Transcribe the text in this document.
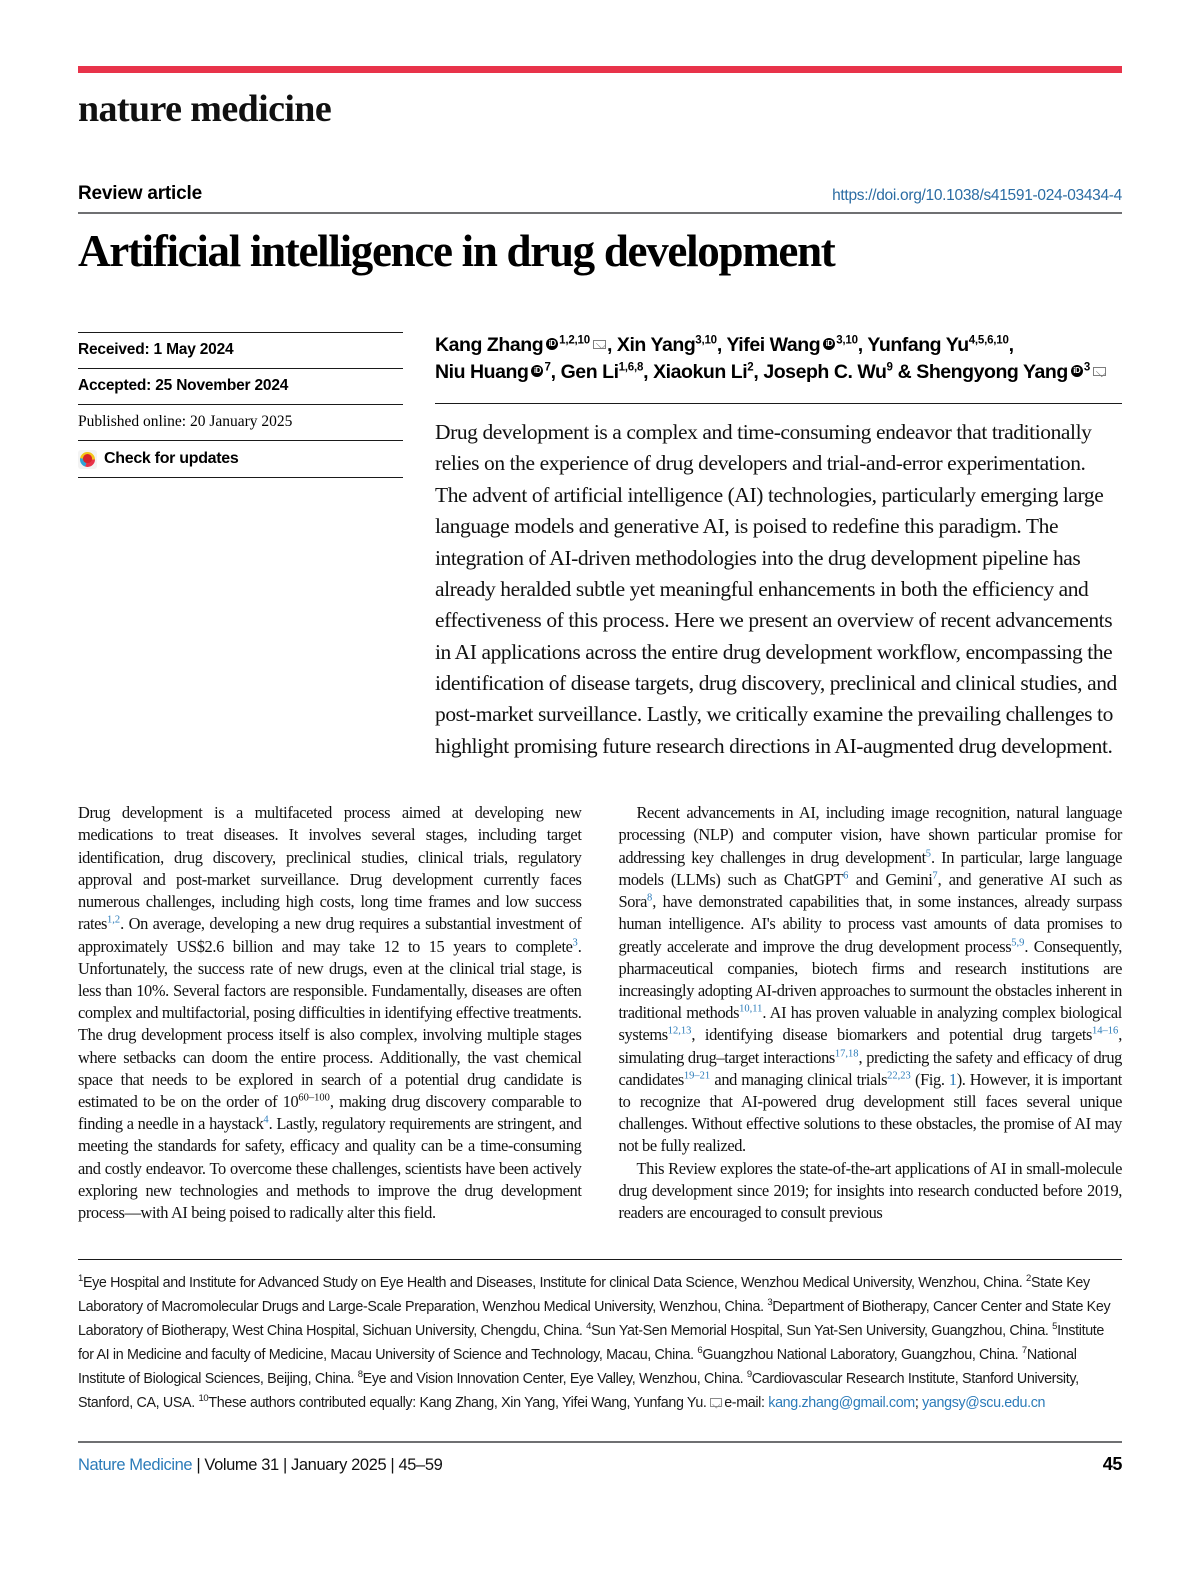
nature medicine
Review article	https://doi.org/10.1038/s41591-024-03434-4
Artificial intelligence in drug development
Received: 1 May 2024
Accepted: 25 November 2024
Published online: 20 January 2025
Check for updates
Kang Zhang iD $^{1,2,10}$ , Xin Yang$^{3,10}$, Yifei Wang iD $^{3,10}$, Yunfang Yu$^{4,5,6,10}$,
Niu Huang iD $^7$, Gen Li$^{1,6,8}$, Xiaokun Li$^2$, Joseph C. Wu$^9$ & Shengyong Yang iD $^3$
Drug development is a complex and time-consuming endeavor that traditionally relies on the experience of drug developers and trial-and-error experimentation. The advent of artificial intelligence (AI) technologies, particularly emerging large language models and generative AI, is poised to redefine this paradigm. The integration of AI-driven methodologies into the drug development pipeline has already heralded subtle yet meaningful enhancements in both the efficiency and effectiveness of this process. Here we present an overview of recent advancements in AI applications across the entire drug development workflow, encompassing the identification of disease targets, drug discovery, preclinical and clinical studies, and post-market surveillance. Lastly, we critically examine the prevailing challenges to highlight promising future research directions in AI-augmented drug development.

Drug development is a multifaceted process aimed at developing new medications to treat diseases. It involves several stages, including target identification, drug discovery, preclinical studies, clinical trials, regulatory approval and post-market surveillance. Drug development currently faces numerous challenges, including high costs, long time frames and low success rates$^{1,2}$. On average, developing a new drug requires a substantial investment of approximately US$2.6 billion and may take 12 to 15 years to complete$^3$. Unfortunately, the success rate of new drugs, even at the clinical trial stage, is less than 10%. Several factors are responsible. Fundamentally, diseases are often complex and multifactorial, posing difficulties in identifying effective treatments. The drug development process itself is also complex, involving multiple stages where setbacks can doom the entire process. Additionally, the vast chemical space that needs to be explored in search of a potential drug candidate is estimated to be on the order of 10$^{60-100}$, making drug discovery comparable to finding a needle in a haystack$^4$. Lastly, regulatory requirements are stringent, and meeting the standards for safety, efficacy and quality can be a time-consuming and costly endeavor. To overcome these challenges, scientists have been actively exploring new technologies and methods to improve the drug development process—with AI being poised to radically alter this field.

Recent advancements in AI, including image recognition, natural language processing (NLP) and computer vision, have shown particular promise for addressing key challenges in drug development$^5$. In particular, large language models (LLMs) such as ChatGPT$^6$ and Gemini$^7$, and generative AI such as Sora$^8$, have demonstrated capabilities that, in some instances, already surpass human intelligence. AI's ability to process vast amounts of data promises to greatly accelerate and improve the drug development process$^{5,9}$. Consequently, pharmaceutical companies, biotech firms and research institutions are increasingly adopting AI-driven approaches to surmount the obstacles inherent in traditional methods$^{10,11}$. AI has proven valuable in analyzing complex biological systems$^{12,13}$, identifying disease biomarkers and potential drug targets$^{14-16}$, simulating drug–target interactions$^{17,18}$, predicting the safety and efficacy of drug candidates$^{19-21}$ and managing clinical trials$^{22,23}$ (Fig. 1). However, it is important to recognize that AI-powered drug development still faces several unique challenges. Without effective solutions to these obstacles, the promise of AI may not be fully realized.

This Review explores the state-of-the-art applications of AI in small-molecule drug development since 2019; for insights into research conducted before 2019, readers are encouraged to consult previous

$^1$Eye Hospital and Institute for Advanced Study on Eye Health and Diseases, Institute for clinical Data Science, Wenzhou Medical University, Wenzhou, China. $^2$State Key Laboratory of Macromolecular Drugs and Large-Scale Preparation, Wenzhou Medical University, Wenzhou, China. $^3$Department of Biotherapy, Cancer Center and State Key Laboratory of Biotherapy, West China Hospital, Sichuan University, Chengdu, China. $^4$Sun Yat-Sen Memorial Hospital, Sun Yat-Sen University, Guangzhou, China. $^5$Institute for AI in Medicine and faculty of Medicine, Macau University of Science and Technology, Macau, China. $^6$Guangzhou National Laboratory, Guangzhou, China. $^7$National Institute of Biological Sciences, Beijing, China. $^8$Eye and Vision Innovation Center, Eye Valley, Wenzhou, China. $^9$Cardiovascular Research Institute, Stanford University, Stanford, CA, USA. $^{10}$These authors contributed equally: Kang Zhang, Xin Yang, Yifei Wang, Yunfang Yu. e-mail: kang.zhang@gmail.com; yangsy@scu.edu.cn
Nature Medicine | Volume 31 | January 2025 | 45–59	45
